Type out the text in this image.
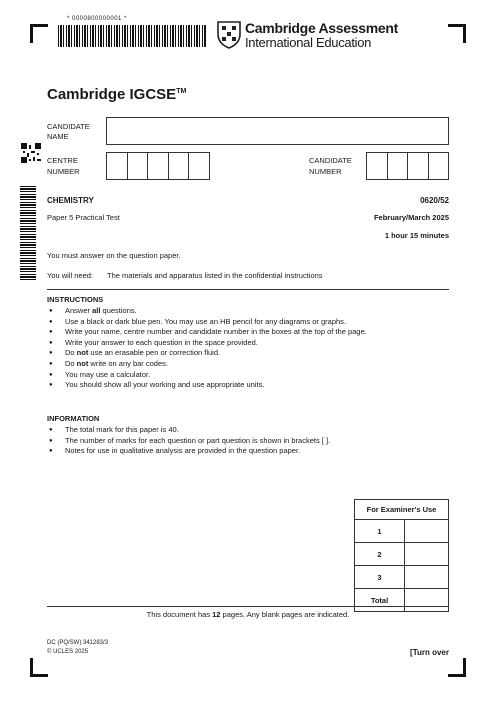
* 0000800000001 *
Cambridge Assessment
International Education
Cambridge IGCSE™
CANDIDATE
NAME
CENTRE
NUMBER
CANDIDATE
NUMBER
CHEMISTRY	0620/52
Paper 5 Practical Test	February/March 2025
1 hour 15 minutes
You must answer on the question paper.
You will need: The materials and apparatus listed in the confidential instructions
INSTRUCTIONS
● Answer all questions.
● Use a black or dark blue pen. You may use an HB pencil for any diagrams or graphs.
● Write your name, centre number and candidate number in the boxes at the top of the page.
● Write your answer to each question in the space provided.
● Do not use an erasable pen or correction fluid.
● Do not write on any bar codes.
● You may use a calculator.
● You should show all your working and use appropriate units.
INFORMATION
● The total mark for this paper is 40.
● The number of marks for each question or part question is shown in brackets [ ].
● Notes for use in qualitative analysis are provided in the question paper.
For Examiner's Use	
1	
2	
3	
Total	
This document has 12 pages. Any blank pages are indicated.
DC (PQ/SW) 341283/3
© UCLES 2025	[Turn over
